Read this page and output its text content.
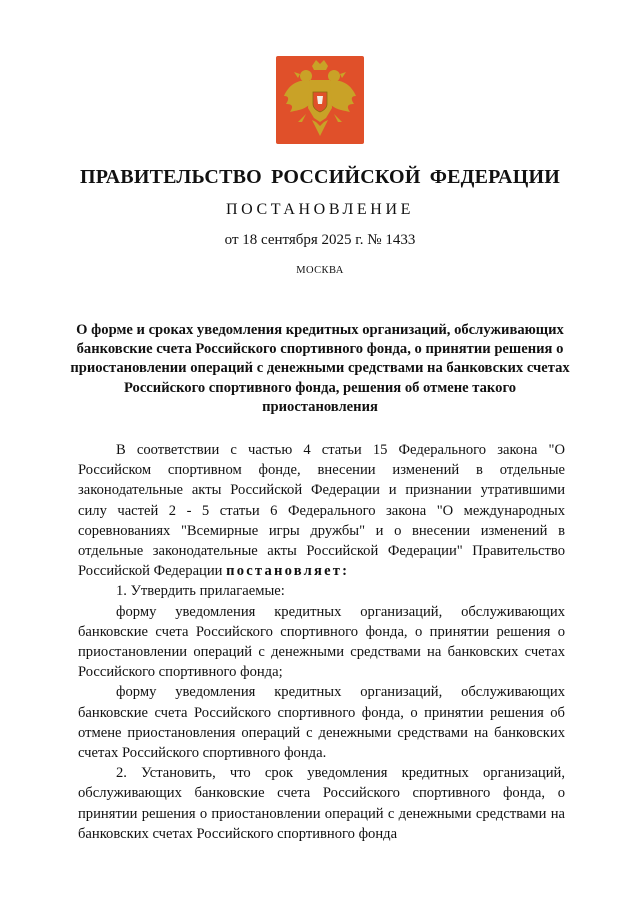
ПРАВИТЕЛЬСТВО РОССИЙСКОЙ ФЕДЕРАЦИИ
ПОСТАНОВЛЕНИЕ
от 18 сентября 2025 г. № 1433
МОСКВА
О форме и сроках уведомления кредитных организаций, обслуживающих банковские счета Российского спортивного фонда, о принятии решения о приостановлении операций с денежными средствами на банковских счетах Российского спортивного фонда, решения об отмене такого приостановления

В соответствии с частью 4 статьи 15 Федерального закона "О Российском спортивном фонде, внесении изменений в отдельные законодательные акты Российской Федерации и признании утратившими силу частей 2 - 5 статьи 6 Федерального закона "О международных соревнованиях "Всемирные игры дружбы" и о внесении изменений в отдельные законодательные акты Российской Федерации" Правительство Российской Федерации постановляет:

1. Утвердить прилагаемые:

форму уведомления кредитных организаций, обслуживающих банковские счета Российского спортивного фонда, о принятии решения о приостановлении операций с денежными средствами на банковских счетах Российского спортивного фонда;

форму уведомления кредитных организаций, обслуживающих банковские счета Российского спортивного фонда, о принятии решения об отмене приостановления операций с денежными средствами на банковских счетах Российского спортивного фонда.

2. Установить, что срок уведомления кредитных организаций, обслуживающих банковские счета Российского спортивного фонда, о принятии решения о приостановлении операций с денежными средствами на банковских счетах Российского спортивного фонда
